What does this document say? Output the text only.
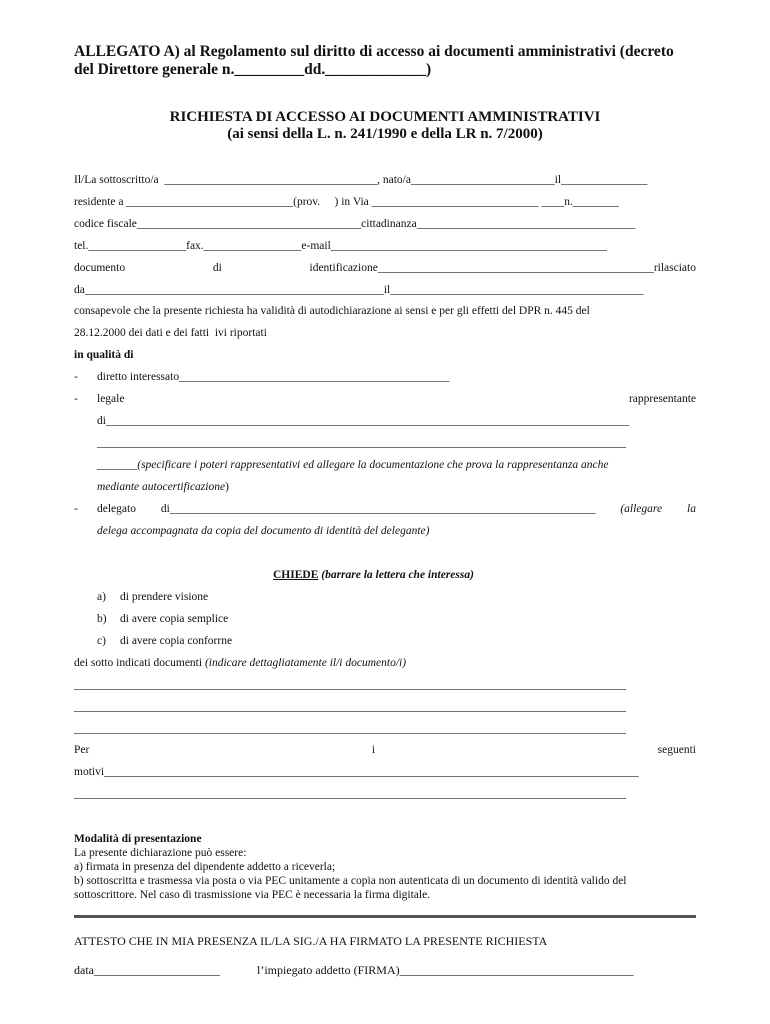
ALLEGATO A) al Regolamento sul diritto di accesso ai documenti amministrativi (decreto
del Direttore generale n._________dd._____________)
RICHIESTA DI ACCESSO AI DOCUMENTI AMMINISTRATIVI
(ai sensi della L. n. 241/1990 e della LR n. 7/2000)
Il/La sottoscritto/a  _____________________________________, nato/a_________________________il_______________
residente a _____________________________(prov.     ) in Via _____________________________ ____n.________
codice fiscale_______________________________________cittadinanza______________________________________
tel._________________fax._________________e-mail________________________________________________
documento	di	identificazione________________________________________________rilasciato
da____________________________________________________il____________________________________________
consapevole che la presente richiesta ha validità di autodichiarazione ai sensi e per gli effetti del DPR n. 445 del
28.12.2000 dei dati e dei fatti  ivi riportati
in qualità di
- diretto interessato_______________________________________________
- legale	rappresentante
di___________________________________________________________________________________________
____________________________________________________________________________________________
_______(specificare i poteri rappresentativi ed allegare la documentazione che prova la rappresentanza anche
mediante autocertificazione)
- delegato di__________________________________________________________________________ (allegare la
delega accompagnata da copia del documento di identità del delegante)
CHIEDE (barrare la lettera che interessa)
a) di prendere visione
b) di avere copia semplice
c) di avere copia conforrne
dei sotto indicati documenti (indicare dettagliatamente il/i documento/i)
________________________________________________________________________________________________
________________________________________________________________________________________________
________________________________________________________________________________________________
Per	i	seguenti
motivi_____________________________________________________________________________________________
________________________________________________________________________________________________
Modalità di presentazione
La presente dichiarazione può essere:
a) firmata in presenza del dipendente addetto a riceverla;
b) sottoscritta e trasmessa via posta o via PEC unitamente a copia non autenticata di un documento di identità valido del
sottoscrittore. Nel caso di trasmissione via PEC è necessaria la firma digitale.
ATTESTO CHE IN MIA PRESENZA IL/LA SIG./A HA FIRMATO LA PRESENTE RICHIESTA
data_____________________	l’impiegato addetto (FIRMA)_______________________________________
